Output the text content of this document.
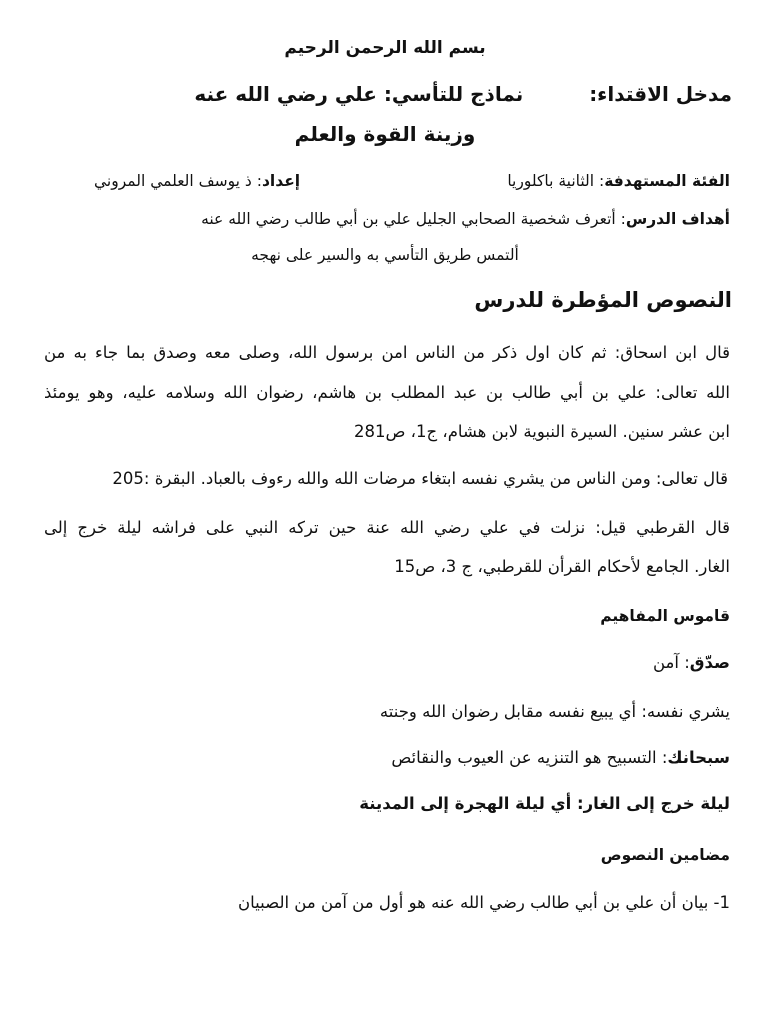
بسم الله الرحمن الرحيم
مدخل الاقتداء:  نماذج للتأسي: علي رضي الله عنه
وزينة القوة والعلم
الفئة المستهدفة: الثانية باكلوريا
إعداد: ذ يوسف العلمي المروني
أهداف الدرس: أتعرف شخصية الصحابي الجليل علي بن أبي طالب رضي الله عنه
ألتمس طريق التأسي به والسير على نهجه
النصوص المؤطرة للدرس
قال ابن اسحاق: ثم كان اول ذكر من الناس امن برسول الله، وصلى معه وصدق بما جاء به من
الله تعالى: علي بن أبي طالب بن عبد المطلب بن هاشم، رضوان الله وسلامه عليه، وهو يومئذ
ابن عشر سنين. السيرة النبوية لابن هشام، ج1، ص281
قال تعالى: ومن الناس من يشري نفسه ابتغاء مرضات الله والله رءوف بالعباد. البقرة :205
قال القرطبي قيل: نزلت في علي رضي الله عنة حين تركه النبي على فراشه ليلة خرج إلى
الغار. الجامع لأحكام القرأن للقرطبي، ج 3، ص15
قاموس المفاهيم
صدّق: آمن
يشري نفسه: أي يبيع نفسه مقابل رضوان الله وجنته
سبحانك: التسبيح هو التنزيه عن العيوب والنقائص
ليلة خرج إلى الغار: أي ليلة الهجرة إلى المدينة
مضامين النصوص
1- بيان أن علي بن أبي طالب رضي الله عنه هو أول من آمن من الصبيان
